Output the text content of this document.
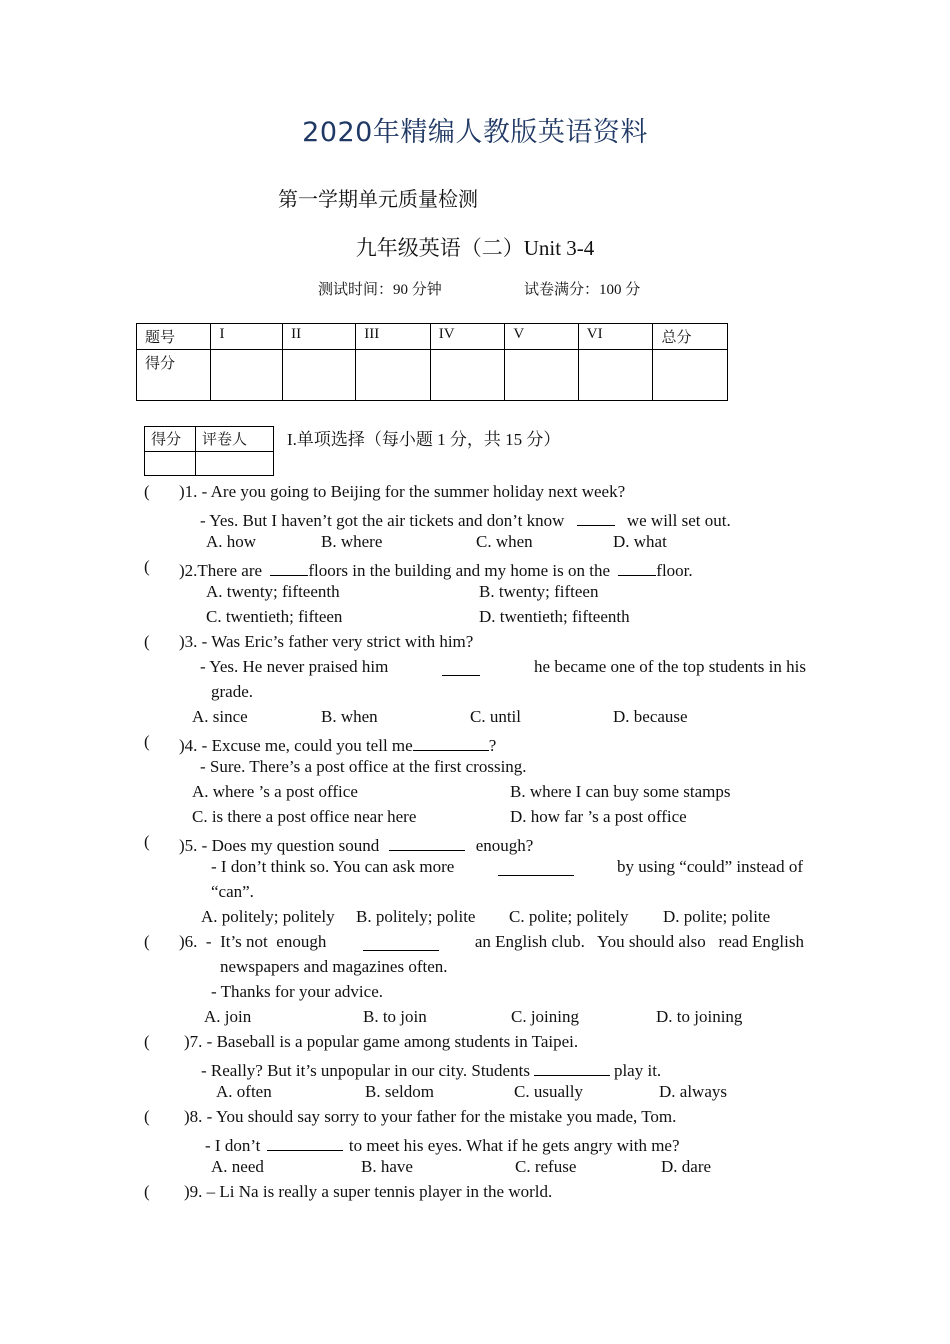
2020年精编人教版英语资料
第一学期单元质量检测
九年级英语（二）Unit 3-4
测试时间：90 分钟	试卷满分：100 分
题号	I	II	III	IV	V	VI	总分
得分							
得分	评卷人
	I.单项选择（每小题 1 分，共 15 分）
( )1. - Are you going to Beijing for the summer holiday next week?
- Yes. But I haven’t got the air tickets and don’t know	we will set out.
A. how	B. where	C. when	D. what
( )2.There are	floors in the building and my home is on the	floor.
A. twenty; fifteenth	B. twenty; fifteen
C. twentieth; fifteen	D. twentieth; fifteenth
( )3. - Was Eric’s father very strict with him?
- Yes. He never praised him	he became one of the top students in his
grade.
A. since	B. when	C. until	D. because
( )4. - Excuse me, could you tell me	?
- Sure. There’s a post office at the first crossing.
A. where ’s a post office	B. where I can buy some stamps
C. is there a post office near here	D. how far ’s a post office
( )5. - Does my question sound	enough?
- I don’t think so. You can ask more	by using “could” instead of
“can”.
A. politely; politely B. politely; polite C. polite; politely D. polite; polite
( )6.  -  It’s not  enough	an English club.   You should also   read English
newspapers and magazines often.
- Thanks for your advice.
A. join	B. to join	C. joining	D. to joining
( )7. - Baseball is a popular game among students in Taipei.
- Really? But it’s unpopular in our city. Students	play it.
A. often	B. seldom	C. usually	D. always
( )8. - You should say sorry to your father for the mistake you made, Tom.
- I don’t	to meet his eyes. What if he gets angry with me?
A. need	B. have	C. refuse	D. dare
( )9. – Li Na is really a super tennis player in the world.
